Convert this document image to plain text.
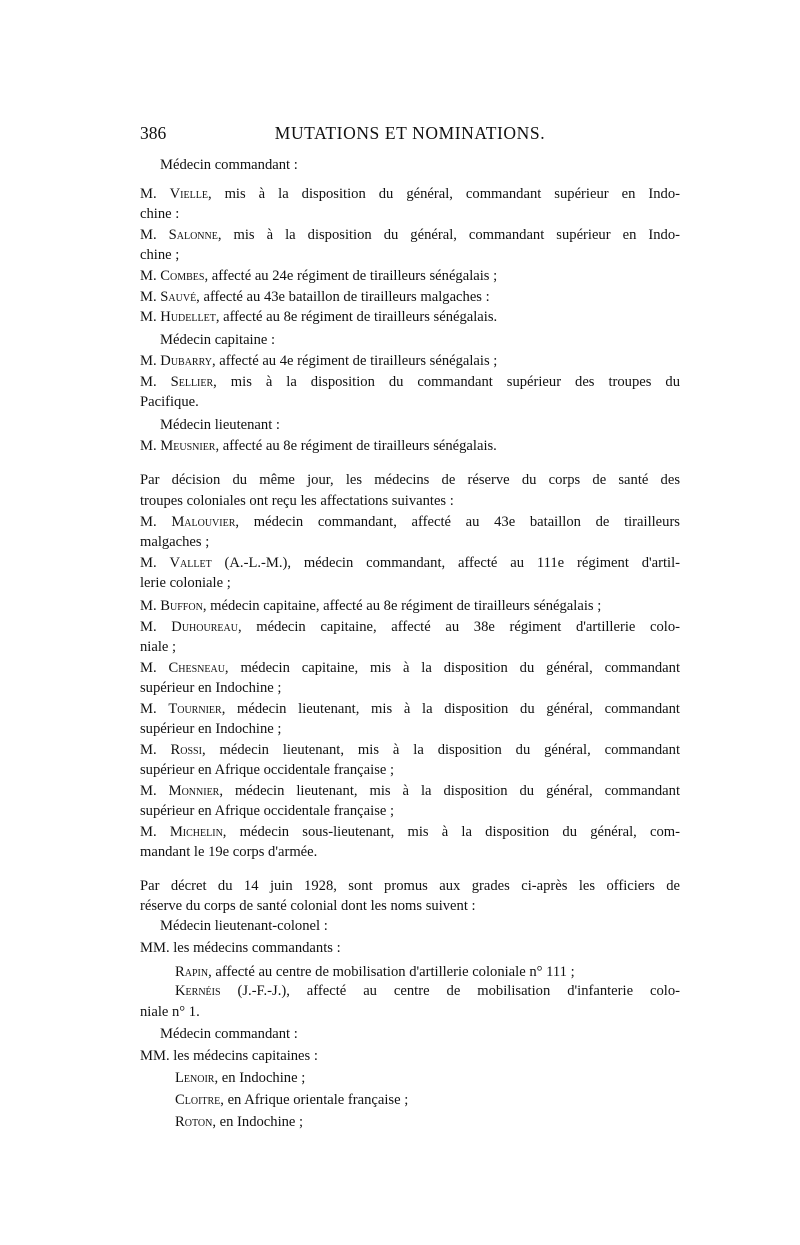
386	MUTATIONS ET NOMINATIONS.
Médecin commandant :
M. Vielle, mis à la disposition du général, commandant supérieur en Indo-
chine :
M. Salonne, mis à la disposition du général, commandant supérieur en Indo-
chine ;
M. Combes, affecté au 24e régiment de tirailleurs sénégalais ;
M. Sauvé, affecté au 43e bataillon de tirailleurs malgaches :
M. Hudellet, affecté au 8e régiment de tirailleurs sénégalais.
Médecin capitaine :
M. Dubarry, affecté au 4e régiment de tirailleurs sénégalais ;
M. Sellier, mis à la disposition du commandant supérieur des troupes du
Pacifique.
Médecin lieutenant :
M. Meusnier, affecté au 8e régiment de tirailleurs sénégalais.
Par décision du même jour, les médecins de réserve du corps de santé des
troupes coloniales ont reçu les affectations suivantes :
M. Malouvier, médecin commandant, affecté au 43e bataillon de tirailleurs
malgaches ;
M. Vallet (A.-L.-M.), médecin commandant, affecté au 111e régiment d'artil-
lerie coloniale ;
M. Buffon, médecin capitaine, affecté au 8e régiment de tirailleurs sénégalais ;
M. Duhoureau, médecin capitaine, affecté au 38e régiment d'artillerie colo-
niale ;
M. Chesneau, médecin capitaine, mis à la disposition du général, commandant
supérieur en Indochine ;
M. Tournier, médecin lieutenant, mis à la disposition du général, commandant
supérieur en Indochine ;
M. Rossi, médecin lieutenant, mis à la disposition du général, commandant
supérieur en Afrique occidentale française ;
M. Monnier, médecin lieutenant, mis à la disposition du général, commandant
supérieur en Afrique occidentale française ;
M. Michelin, médecin sous-lieutenant, mis à la disposition du général, com-
mandant le 19e corps d'armée.
Par décret du 14 juin 1928, sont promus aux grades ci-après les officiers de
réserve du corps de santé colonial dont les noms suivent :
Médecin lieutenant-colonel :
MM. les médecins commandants :
Rapin, affecté au centre de mobilisation d'artillerie coloniale n° 111 ;
Kernéis (J.-F.-J.), affecté au centre de mobilisation d'infanterie colo-
niale n° 1.
Médecin commandant :
MM. les médecins capitaines :
Lenoir, en Indochine ;
Cloitre, en Afrique orientale française ;
Roton, en Indochine ;
